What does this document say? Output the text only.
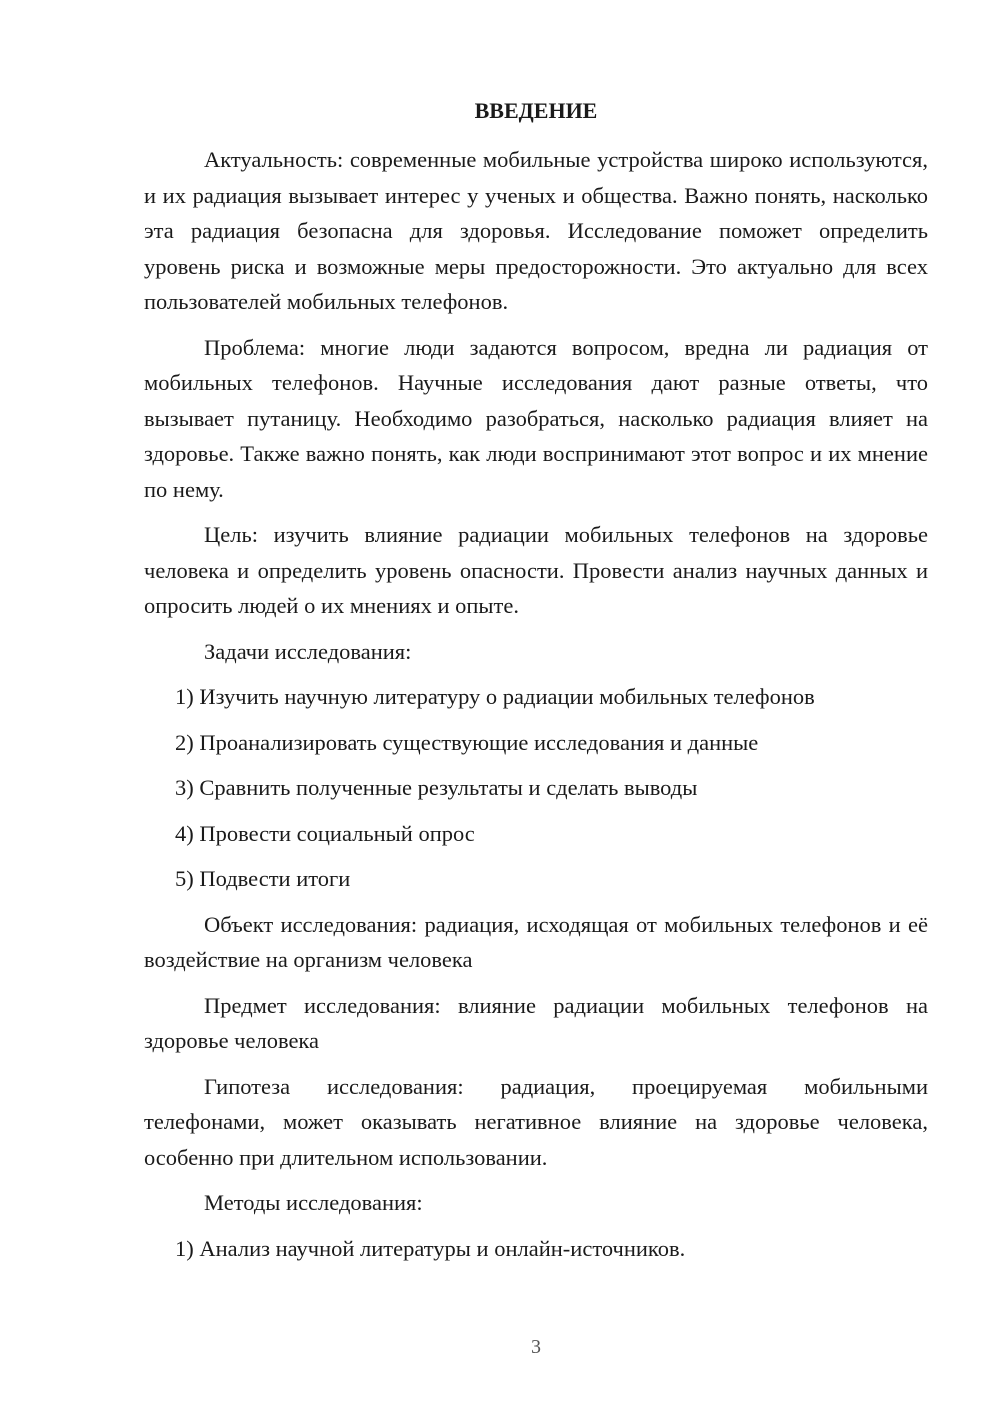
ВВЕДЕНИЕ

Актуальность: современные мобильные устройства широко используются, и их радиация вызывает интерес у ученых и общества. Важно понять, насколько эта радиация безопасна для здоровья. Исследование поможет определить уровень риска и возможные меры предосторожности. Это актуально для всех пользователей мобильных телефонов.

Проблема: многие люди задаются вопросом, вредна ли радиация от мобильных телефонов. Научные исследования дают разные ответы, что вызывает путаницу. Необходимо разобраться, насколько радиация влияет на здоровье. Также важно понять, как люди воспринимают этот вопрос и их мнение по нему.

Цель: изучить влияние радиации мобильных телефонов на здоровье человека и определить уровень опасности. Провести анализ научных данных и опросить людей о их мнениях и опыте.

Задачи исследования:

1) Изучить научную литературу о радиации мобильных телефонов

2) Проанализировать существующие исследования и данные

3) Сравнить полученные результаты и сделать выводы

4) Провести социальный опрос

5) Подвести итоги

Объект исследования: радиация, исходящая от мобильных телефонов и её воздействие на организм человека

Предмет исследования: влияние радиации мобильных телефонов на здоровье человека

Гипотеза исследования: радиация, проецируемая мобильными телефонами, может оказывать негативное влияние на здоровье человека, особенно при длительном использовании.

Методы исследования:

1) Анализ научной литературы и онлайн-источников.

3
